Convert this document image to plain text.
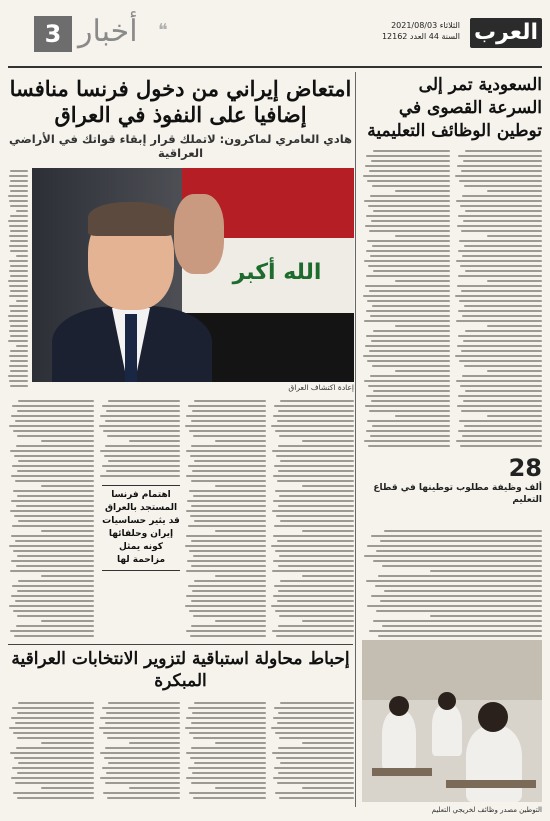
العرب
الثلاثاء 2021/08/03
السنة 44 العدد 12162
3 أخبار ❝
السعودية تمر إلى السرعة القصوى في توطين الوظائف التعليمية
28
ألف وظيفة مطلوب توطينها في قطاع التعليم
امتعاض إيراني من دخول فرنسا منافسا إضافيا على النفوذ في العراق
هادي العامري لماكرون: لاتملك قرار إبقاء قواتك في الأراضي العراقية
الله أكبر
إعادة اكتشاف العراق
اهتمام فرنسا المستجد بالعراق قد يثير حساسيات إيران وحلفائها كونه يمثل مزاحمة لها
إحباط محاولة استباقية لتزوير الانتخابات العراقية المبكرة
التوطين مصدر وظائف لخريجي التعليم
